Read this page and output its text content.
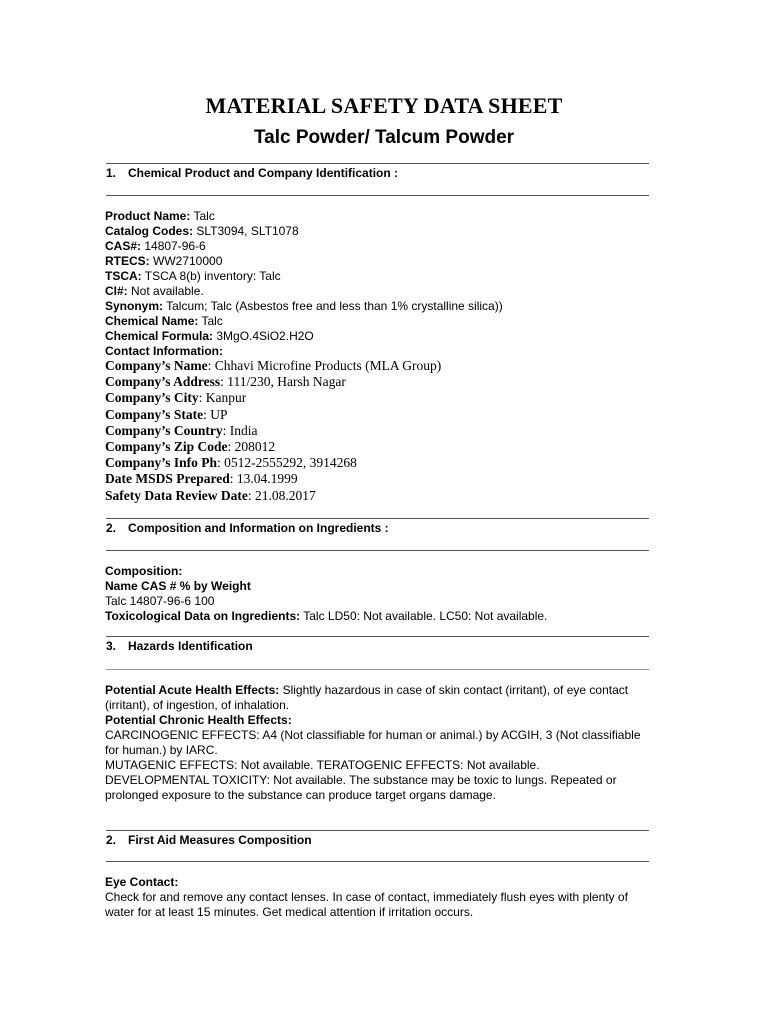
MATERIAL SAFETY DATA SHEET
Talc Powder/ Talcum Powder
1. Chemical Product and Company Identification :
Product Name: Talc
Catalog Codes: SLT3094, SLT1078
CAS#: 14807-96-6
RTECS: WW2710000
TSCA: TSCA 8(b) inventory: Talc
CI#: Not available.
Synonym: Talcum; Talc (Asbestos free and less than 1% crystalline silica))
Chemical Name: Talc
Chemical Formula: 3MgO.4SiO2.H2O
Contact Information:
Company’s Name: Chhavi Microfine Products (MLA Group)
Company’s Address: 111/230, Harsh Nagar
Company’s City: Kanpur
Company’s State: UP
Company’s Country: India
Company’s Zip Code: 208012
Company’s Info Ph: 0512-2555292, 3914268
Date MSDS Prepared: 13.04.1999
Safety Data Review Date: 21.08.2017
2. Composition and Information on Ingredients :
Composition:
Name CAS # % by Weight
Talc 14807-96-6 100
Toxicological Data on Ingredients: Talc LD50: Not available. LC50: Not available.
3. Hazards Identification
Potential Acute Health Effects: Slightly hazardous in case of skin contact (irritant), of eye contact (irritant), of ingestion, of inhalation.
Potential Chronic Health Effects:
CARCINOGENIC EFFECTS: A4 (Not classifiable for human or animal.) by ACGIH, 3 (Not classifiable for human.) by IARC.
MUTAGENIC EFFECTS: Not available. TERATOGENIC EFFECTS: Not available.
DEVELOPMENTAL TOXICITY: Not available. The substance may be toxic to lungs. Repeated or prolonged exposure to the substance can produce target organs damage.
2. First Aid Measures Composition
Eye Contact:
Check for and remove any contact lenses. In case of contact, immediately flush eyes with plenty of water for at least 15 minutes. Get medical attention if irritation occurs.
